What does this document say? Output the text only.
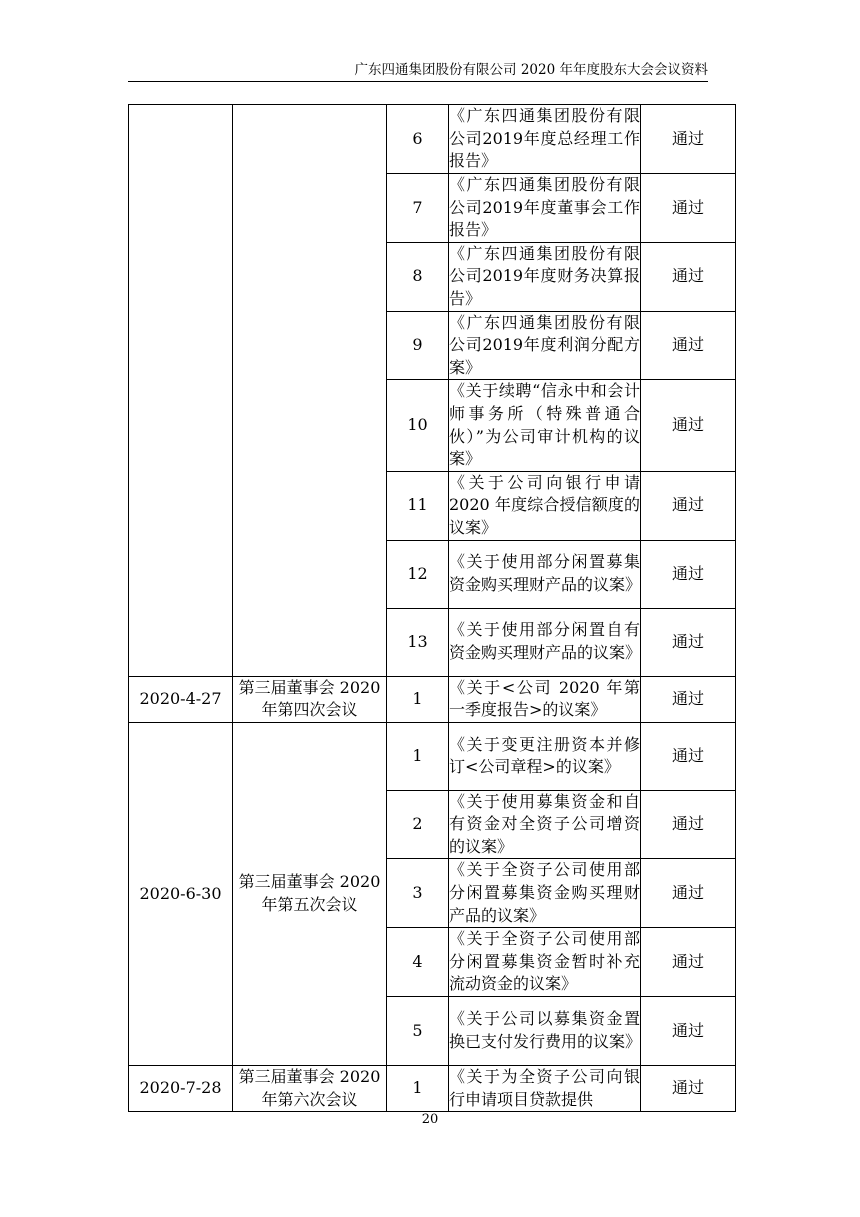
广东四通集团股份有限公司 2020 年年度股东大会会议资料
		6	《广东四通集团股份有限公司2019年度总经理工作报告》	通过
		7	《广东四通集团股份有限公司2019年度董事会工作报告》	通过
		8	《广东四通集团股份有限公司2019年度财务决算报告》	通过
		9	《广东四通集团股份有限公司2019年度利润分配方案》	通过
		10	《关于续聘“信永中和会计师事务所（特殊普通合伙）”为公司审计机构的议案》	通过
		11	《关于公司向银行申请2020 年度综合授信额度的议案》	通过
		12	《关于使用部分闲置募集资金购买理财产品的议案》	通过
		13	《关于使用部分闲置自有资金购买理财产品的议案》	通过
2020-4-27	第三届董事会 2020 年第四次会议	1	《关于<公司 2020 年第一季度报告>的议案》	通过
2020-6-30	第三届董事会 2020 年第五次会议	1	《关于变更注册资本并修订<公司章程>的议案》	通过
		2	《关于使用募集资金和自有资金对全资子公司增资的议案》	通过
		3	《关于全资子公司使用部分闲置募集资金购买理财产品的议案》	通过
		4	《关于全资子公司使用部分闲置募集资金暂时补充流动资金的议案》	通过
		5	《关于公司以募集资金置换已支付发行费用的议案》	通过
2020-7-28	第三届董事会 2020 年第六次会议	1	《关于为全资子公司向银行申请项目贷款提供	通过
20
